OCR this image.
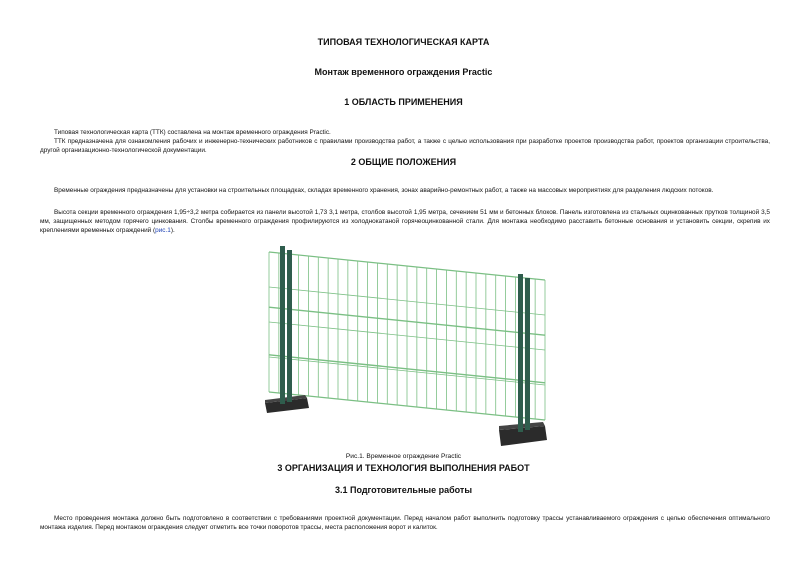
ТИПОВАЯ ТЕХНОЛОГИЧЕСКАЯ КАРТА
Монтаж временного ограждения Practic
1 ОБЛАСТЬ ПРИМЕНЕНИЯ

Типовая технологическая карта (ТТК) составлена на монтаж временного ограждения Practic.

ТТК предназначена для ознакомления рабочих и инженерно-технических работников с правилами производства работ, а также с целью использования при разработке проектов производства работ, проектов организации строительства, другой организационно-технологической документации.

2 ОБЩИЕ ПОЛОЖЕНИЯ

Временные ограждения предназначены для установки на строительных площадках, складах временного хранения, зонах аварийно-ремонтных работ, а также на массовых мероприятиях для разделения людских потоков.

Высота секции временного ограждения 1,95÷3,2 метра собирается из панели высотой 1,73 3,1 метра, столбов высотой 1,95 метра, сечением 51 мм и бетонных блоков. Панель изготовлена из стальных оцинкованных прутков толщиной 3,5 мм, защищенных методом горячего цинкования. Столбы временного ограждения профилируются из холоднокатаной горячеоцинкованной стали. Для монтажа необходимо расставить бетонные основания и установить секции, скрепив их креплениями временных ограждений (рис.1).

Рис.1. Временное ограждение Practic

3 ОРГАНИЗАЦИЯ И ТЕХНОЛОГИЯ ВЫПОЛНЕНИЯ РАБОТ
3.1 Подготовительные работы

Место проведения монтажа должно быть подготовлено в соответствии с требованиями проектной документации. Перед началом работ выполнить подготовку трассы устанавливаемого ограждения с целью обеспечения оптимального монтажа изделия. Перед монтажом ограждения следует отметить все точки поворотов трассы, места расположения ворот и калиток.
